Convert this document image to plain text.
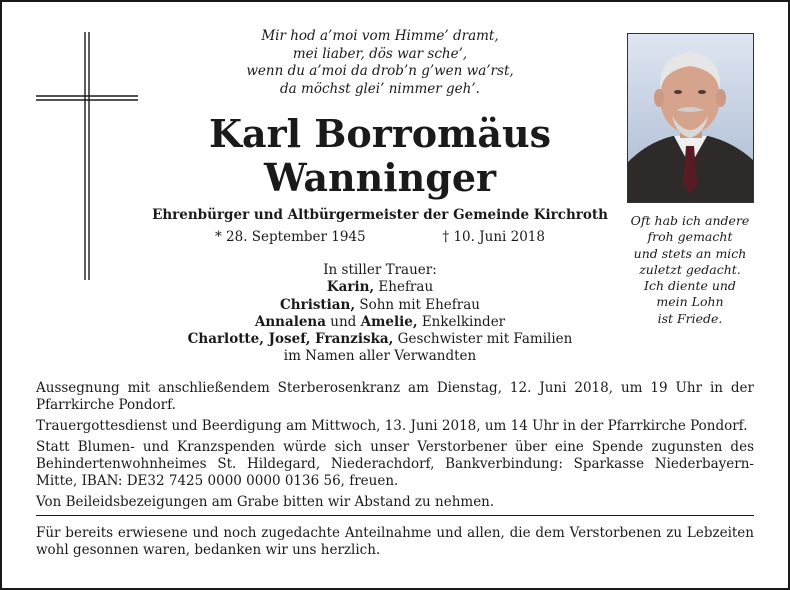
Mir hod a’moi vom Himme’ dramt,
mei liaber, dös war sche’,
wenn du a’moi da drob’n g’wen wa’rst,
da möchst glei’ nimmer geh’.
Karl Borromäus
Wanninger
Ehrenbürger und Altbürgermeister der Gemeinde Kirchroth
* 28. September 1945	† 10. Juni 2018
In stiller Trauer:
Karin, Ehefrau
Christian, Sohn mit Ehefrau
Annalena und Amelie, Enkelkinder
Charlotte, Josef, Franziska, Geschwister mit Familien
im Namen aller Verwandten
Oft hab ich andere
froh gemacht
und stets an mich
zuletzt gedacht.
Ich diente und
mein Lohn
ist Friede.

Aussegnung mit anschließendem Sterberosenkranz am Dienstag, 12. Juni 2018, um 19 Uhr in der Pfarrkirche Pondorf.

Trauergottesdienst und Beerdigung am Mittwoch, 13. Juni 2018, um 14 Uhr in der Pfarrkirche Pondorf.

Statt Blumen- und Kranzspenden würde sich unser Verstorbener über eine Spende zugunsten des Behindertenwohnheimes St. Hildegard, Niederachdorf, Bankverbindung: Sparkasse Niederbayern-Mitte, IBAN: DE32 7425 0000 0000 0136 56, freuen.

Von Beileidsbezeigungen am Grabe bitten wir Abstand zu nehmen.

Für bereits erwiesene und noch zugedachte Anteilnahme und allen, die dem Verstorbenen zu Lebzeiten wohl gesonnen waren, bedanken wir uns herzlich.
